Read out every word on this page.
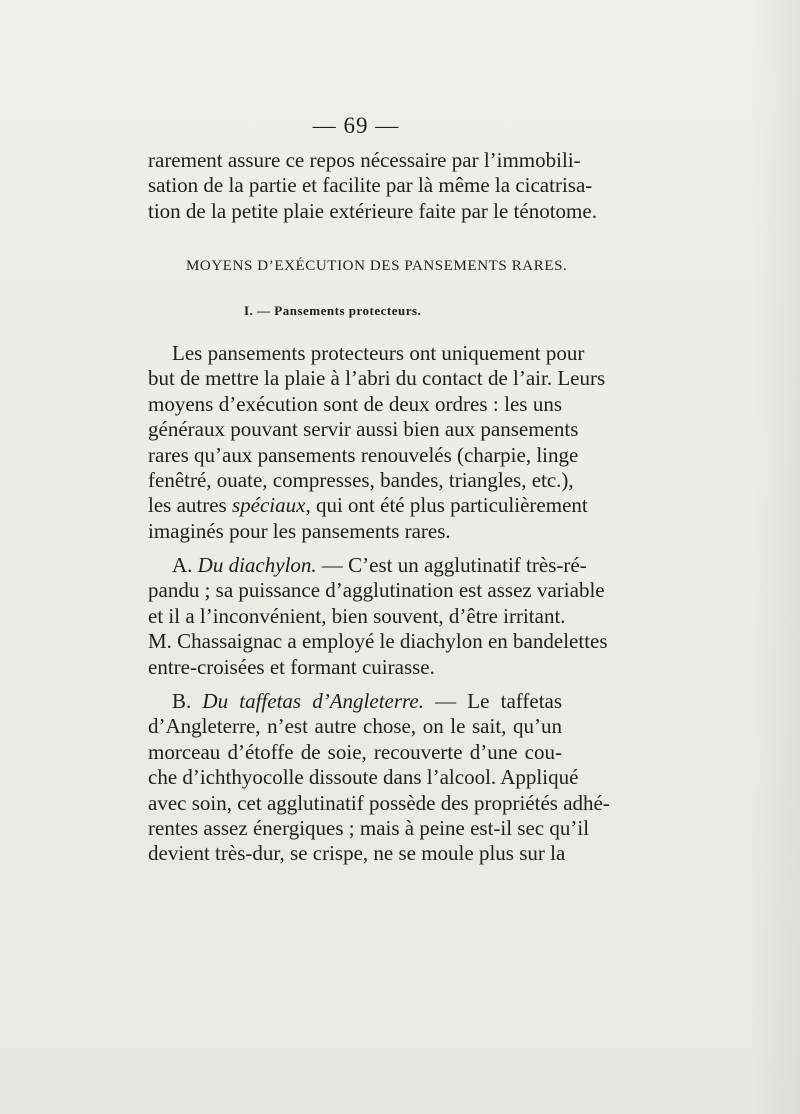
— 69 —
rarement assure ce repos nécessaire par l’immobili-
sation de la partie et facilite par là même la cicatrisa-
tion de la petite plaie extérieure faite par le ténotome.
MOYENS D’EXÉCUTION DES PANSEMENTS RARES.
I. — Pansements protecteurs.
Les pansements protecteurs ont uniquement pour
but de mettre la plaie à l’abri du contact de l’air. Leurs
moyens d’exécution sont de deux ordres : les uns
généraux pouvant servir aussi bien aux pansements
rares qu’aux pansements renouvelés (charpie, linge
fenêtré, ouate, compresses, bandes, triangles, etc.),
les autres spéciaux, qui ont été plus particulièrement
imaginés pour les pansements rares.
A. Du diachylon. — C’est un agglutinatif très-ré-
pandu ; sa puissance d’agglutination est assez variable
et il a l’inconvénient, bien souvent, d’être irritant.
M. Chassaignac a employé le diachylon en bandelettes
entre-croisées et formant cuirasse.
B. Du taffetas d’Angleterre. — Le taffetas
d’Angleterre, n’est autre chose, on le sait, qu’un
morceau d’étoffe de soie, recouverte d’une cou-
che d’ichthyocolle dissoute dans l’alcool. Appliqué
avec soin, cet agglutinatif possède des propriétés adhé-
rentes assez énergiques ; mais à peine est-il sec qu’il
devient très-dur, se crispe, ne se moule plus sur la
